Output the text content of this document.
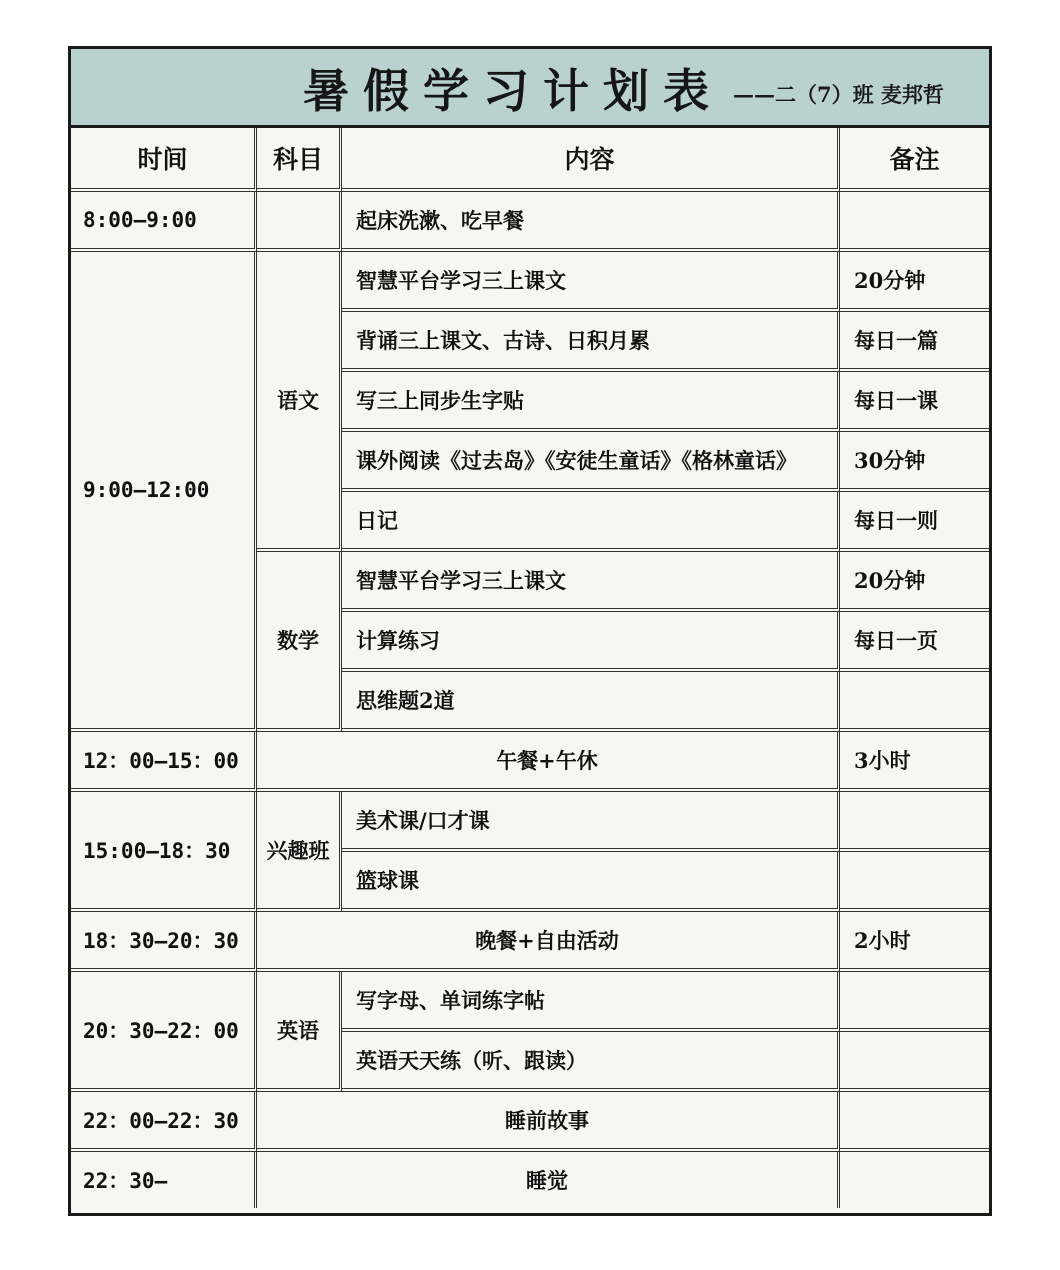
暑假学习计划表 ——二（7）班 麦邦哲
时间	科目	内容	备注
8:00—9:00		起床洗漱、吃早餐	
9:00—12:00	语文	智慧平台学习三上课文	20分钟
		背诵三上课文、古诗、日积月累	每日一篇
		写三上同步生字贴	每日一课
		课外阅读《过去岛》《安徒生童话》《格林童话》	30分钟
		日记	每日一则
	数学	智慧平台学习三上课文	20分钟
		计算练习	每日一页
		思维题2道	
12：00—15：00	午餐+午休		3小时
15:00—18：30	兴趣班	美术课/口才课	
		篮球课	
18：30—20：30	晚餐+自由活动		2小时
20：30—22：00	英语	写字母、单词练字帖	
		英语天天练（听、跟读）	
22：00—22：30	睡前故事		
22：30—	睡觉		
